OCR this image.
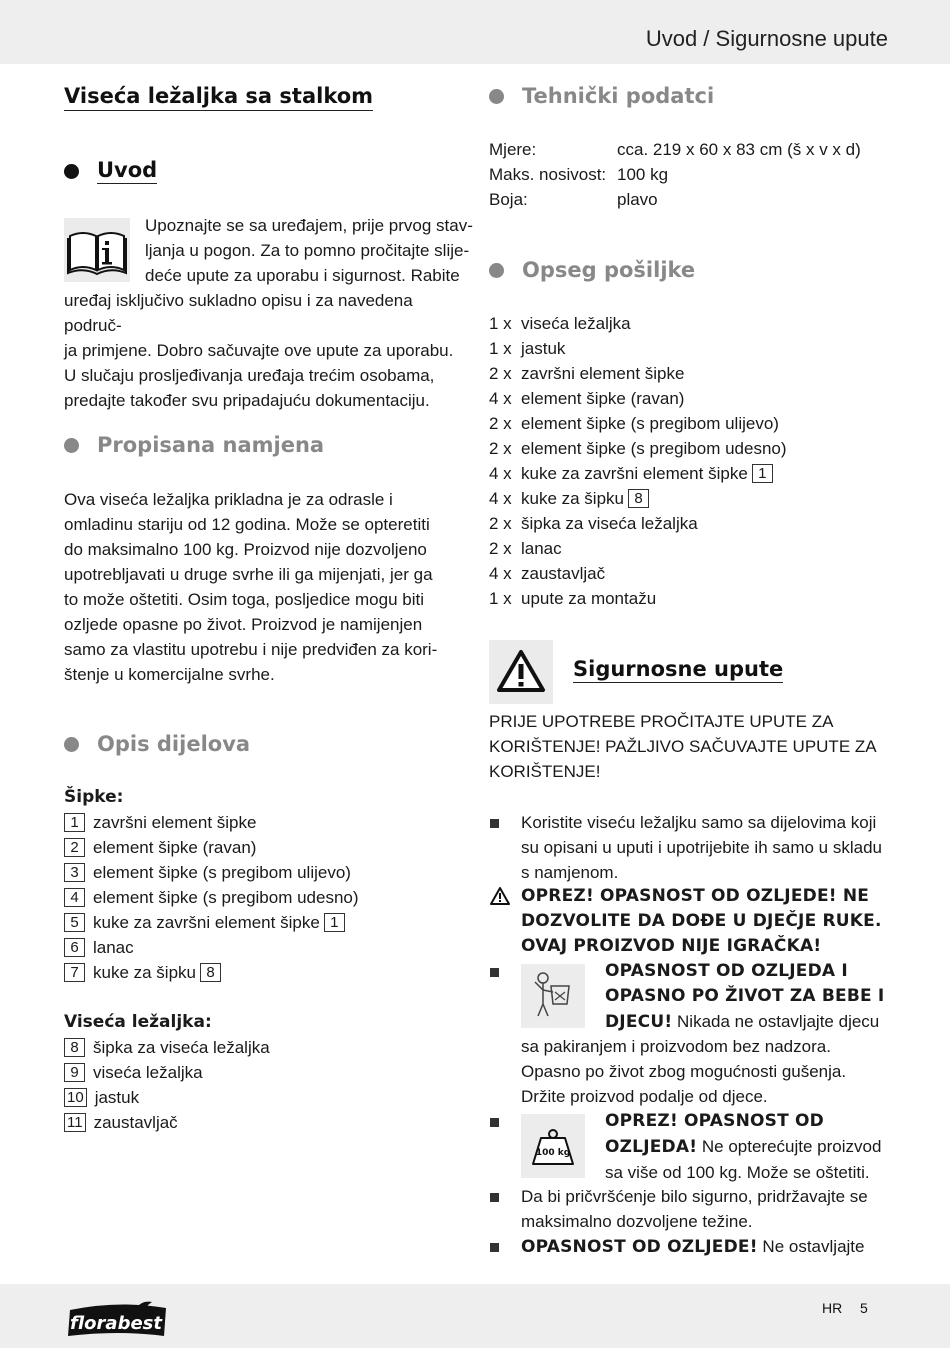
Uvod / Sigurnosne upute
Viseća ležaljka sa stalkom
Uvod
Upoznajte se sa uređajem, prije prvog stav-
ljanja u pogon. Za to pomno pročitajte slije-
deće upute za uporabu i sigurnost. Rabite
uređaj isključivo sukladno opisu i za navedena područ-
ja primjene. Dobro sačuvajte ove upute za uporabu.
U slučaju prosljeđivanja uređaja trećim osobama,
predajte također svu pripadajuću dokumentaciju.
Propisana namjena
Ova viseća ležaljka prikladna je za odrasle i
omladinu stariju od 12 godina. Može se opteretiti
do maksimalno 100 kg. Proizvod nije dozvoljeno
upotrebljavati u druge svrhe ili ga mijenjati, jer ga
to može oštetiti. Osim toga, posljedice mogu biti
ozljede opasne po život. Proizvod je namijenjen
samo za vlastitu upotrebu i nije predviđen za kori-
štenje u komercijalne svrhe.
Opis dijelova
Šipke:
1 završni element šipke
2 element šipke (ravan)
3 element šipke (s pregibom ulijevo)
4 element šipke (s pregibom udesno)
5 kuke za završni element šipke 1
6 lanac
7 kuke za šipku 8
Viseća ležaljka:
8 šipka za viseća ležaljka
9 viseća ležaljka
10 jastuk
11 zaustavljač
Tehnički podatci
Mjere:	cca. 219 x 60 x 83 cm (š x v x d)
Maks. nosivost: 100 kg
Boja:	plavo
Opseg pošiljke
1 x viseća ležaljka
1 x jastuk
2 x završni element šipke
4 x element šipke (ravan)
2 x element šipke (s pregibom ulijevo)
2 x element šipke (s pregibom udesno)
4 x kuke za završni element šipke 1
4 x kuke za šipku 8
2 x šipka za viseća ležaljka
2 x lanac
4 x zaustavljač
1 x upute za montažu
Sigurnosne upute
PRIJE UPOTREBE PROČITAJTE UPUTE ZA
KORIŠTENJE! PAŽLJIVO SAČUVAJTE UPUTE ZA
KORIŠTENJE!
Koristite viseću ležaljku samo sa dijelovima koji
su opisani u uputi i upotrijebite ih samo u skladu
s namjenom.
OPREZ! OPASNOST OD OZLJEDE! NE
DOZVOLITE DA DOĐE U DJEČJE RUKE.
OVAJ PROIZVOD NIJE IGRAČKA!
OPASNOST OD OZLJEDA I
OPASNO PO ŽIVOT ZA BEBE I
DJECU! Nikada ne ostavljajte djecu
sa pakiranjem i proizvodom bez nadzora.
Opasno po život zbog mogućnosti gušenja.
Držite proizvod podalje od djece.
100 kg
OPREZ! OPASNOST OD
OZLJEDA! Ne opterećujte proizvod
sa više od 100 kg. Može se oštetiti.
Da bi pričvršćenje bilo sigurno, pridržavajte se
maksimalno dozvoljene težine.
OPASNOST OD OZLJEDE! Ne ostavljajte
florabest
HR 5
